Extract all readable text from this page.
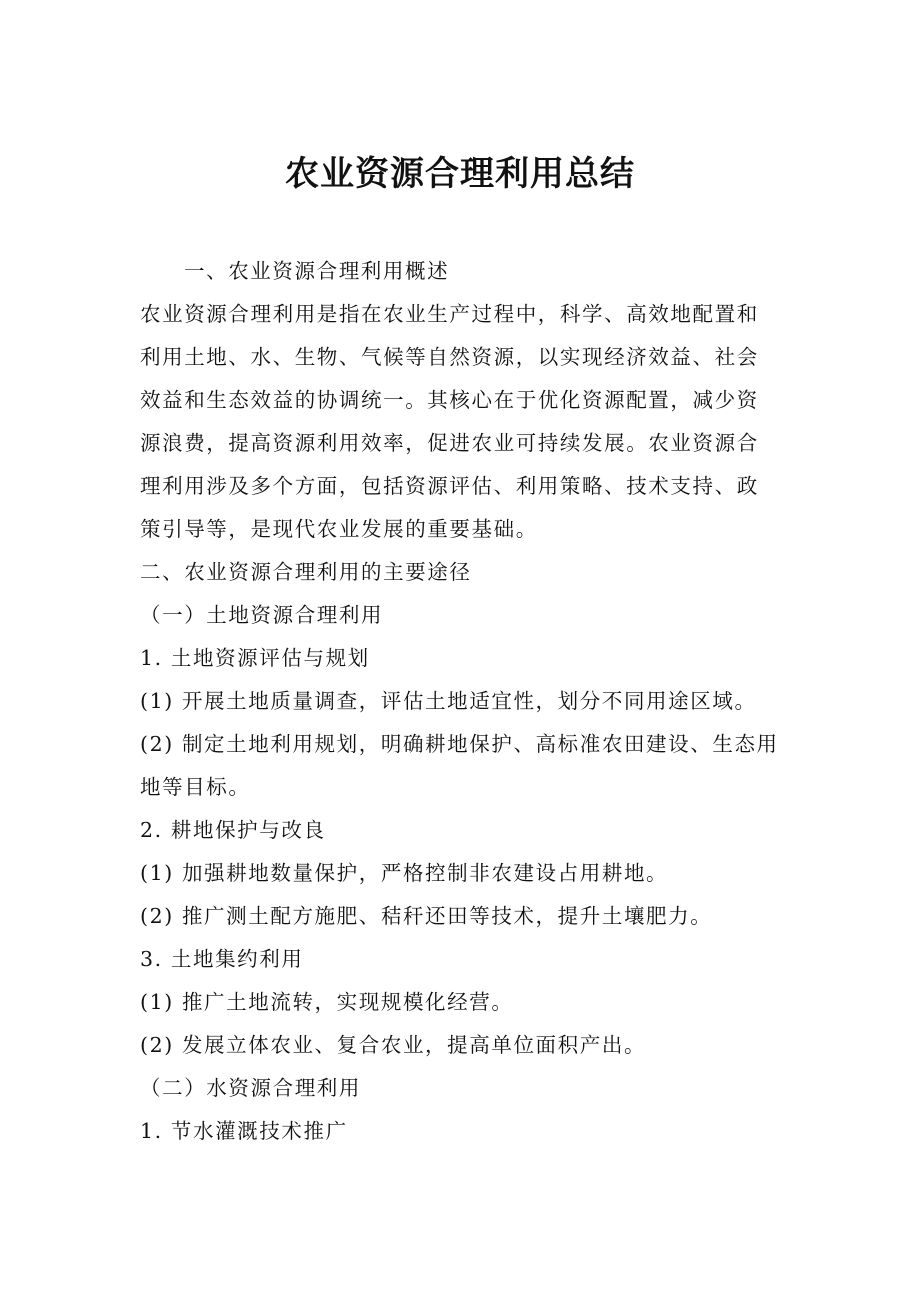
农业资源合理利用总结

一、农业资源合理利用概述

农业资源合理利用是指在农业生产过程中，科学、高效地配置和利用土地、水、生物、气候等自然资源，以实现经济效益、社会效益和生态效益的协调统一。其核心在于优化资源配置，减少资源浪费，提高资源利用效率，促进农业可持续发展。农业资源合理利用涉及多个方面，包括资源评估、利用策略、技术支持、政策引导等，是现代农业发展的重要基础。

二、农业资源合理利用的主要途径

（一）土地资源合理利用

1. 土地资源评估与规划

(1) 开展土地质量调查，评估土地适宜性，划分不同用途区域。

(2) 制定土地利用规划，明确耕地保护、高标准农田建设、生态用地等目标。

2. 耕地保护与改良

(1) 加强耕地数量保护，严格控制非农建设占用耕地。

(2) 推广测土配方施肥、秸秆还田等技术，提升土壤肥力。

3. 土地集约利用

(1) 推广土地流转，实现规模化经营。

(2) 发展立体农业、复合农业，提高单位面积产出。

（二）水资源合理利用

1. 节水灌溉技术推广
